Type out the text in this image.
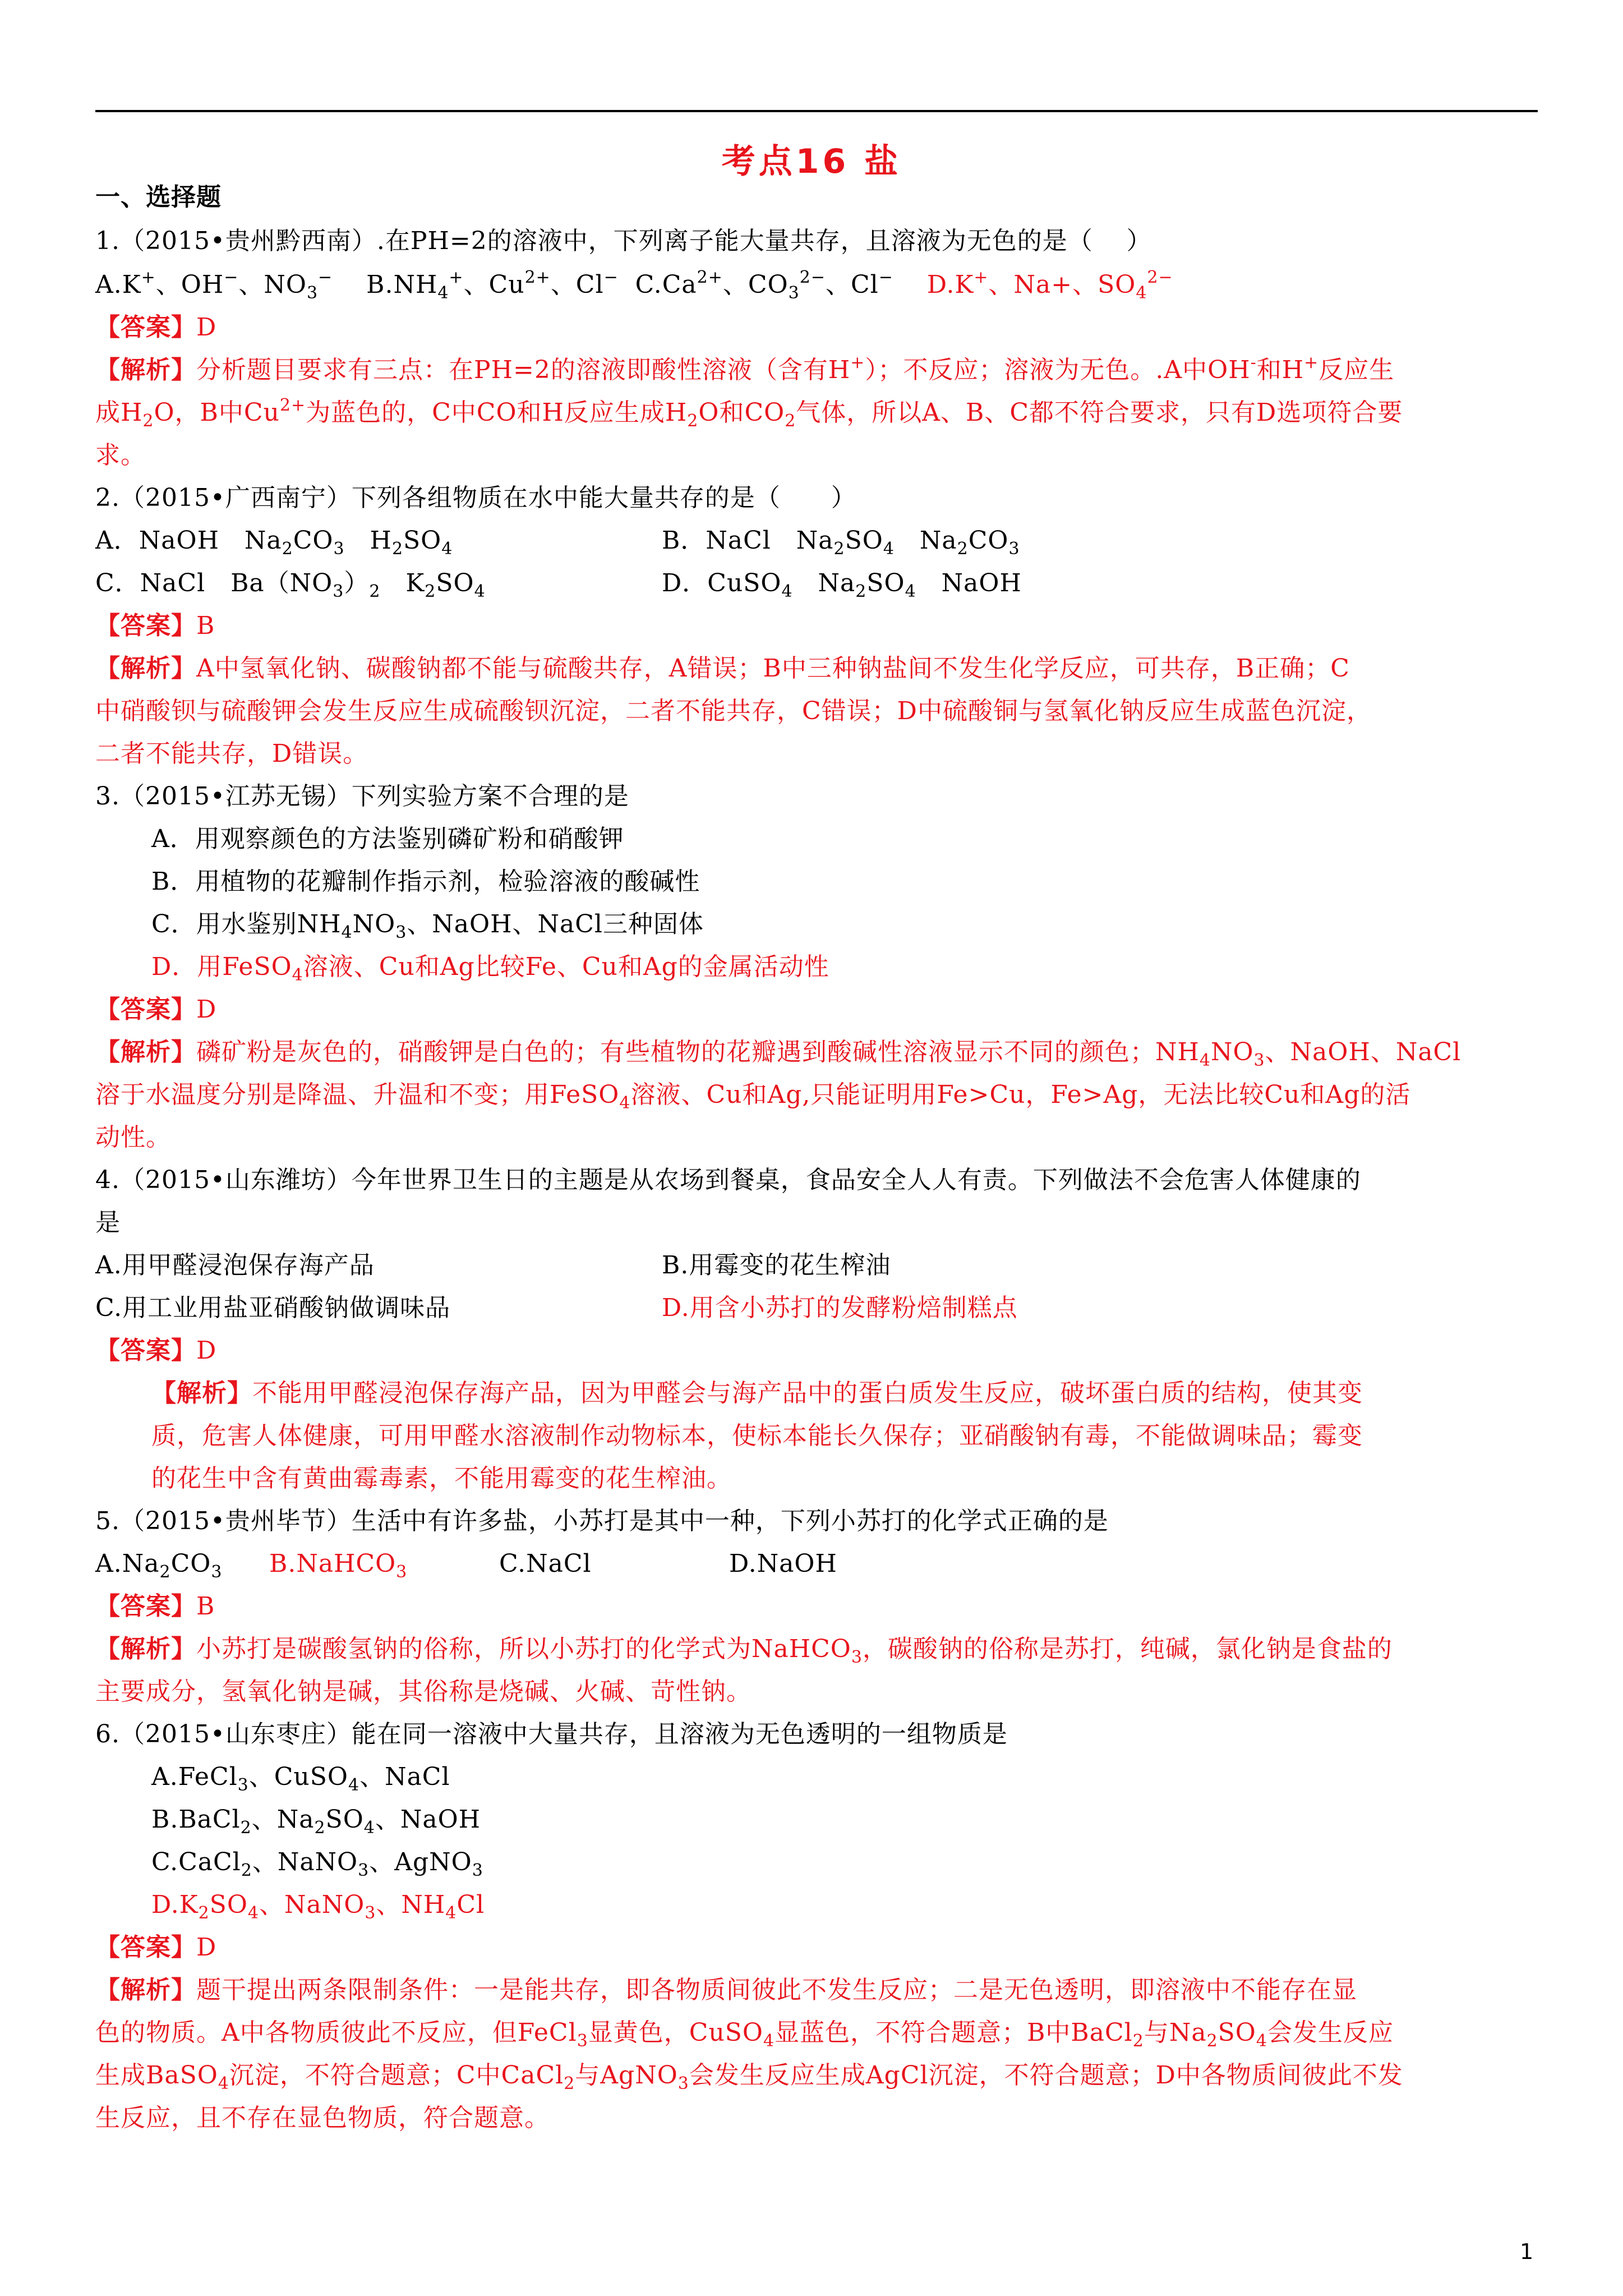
考点16 盐
一、选择题
1.（2015•贵州黔西南）.在PH=2的溶液中，下列离子能大量共存，且溶液为无色的是（    ）
A.K+、OH−、$NO_3^-$    $B.NH_4^+$、$Cu^{2+}$、Cl−  $C.Ca^{2+}$、$CO_3^{2-}$、Cl−    D.K+、Na+、$SO_4^{2-}$
【答案】D
【解析】分析题目要求有三点：在PH=2的溶液即酸性溶液（含有H+）；不反应；溶液为无色。.A中OH-和H+反应生
成$H_2O$，B中$Cu^{2+}$为蓝色的，C中CO和H反应生成$H_2O$和$CO_2$气体，所以A、B、C都不符合要求，只有D选项符合要
求。
2.（2015•广西南宁）下列各组物质在水中能大量共存的是（      ）
A．NaOH   $Na_2CO_3$   $H_2SO_4$	B．NaCl   $Na_2SO_4$   $Na_2CO_3$
C．NaCl   $Ba(NO_3)_2$   $K_2SO_4$	D．CuSO$_4$   $Na_2SO_4$   NaOH
【答案】B
【解析】A中氢氧化钠、碳酸钠都不能与硫酸共存，A错误；B中三种钠盐间不发生化学反应，可共存，B正确；C
中硝酸钡与硫酸钾会发生反应生成硫酸钡沉淀，二者不能共存，C错误；D中硫酸铜与氢氧化钠反应生成蓝色沉淀，
二者不能共存，D错误。
3.（2015•江苏无锡）下列实验方案不合理的是
A．用观察颜色的方法鉴别磷矿粉和硝酸钾
B．用植物的花瓣制作指示剂，检验溶液的酸碱性
C．用水鉴别$NH_4NO_3$、NaOH、NaCl三种固体
D．用FeSO$_4$溶液、Cu和Ag比较Fe、Cu和Ag的金属活动性
【答案】D
【解析】磷矿粉是灰色的，硝酸钾是白色的；有些植物的花瓣遇到酸碱性溶液显示不同的颜色；$NH_4NO_3$、NaOH、NaCl
溶于水温度分别是降温、升温和不变；用FeSO$_4$溶液、Cu和Ag,只能证明用Fe>Cu，Fe>Ag，无法比较Cu和Ag的活
动性。
4.（2015•山东潍坊）今年世界卫生日的主题是从农场到餐桌，食品安全人人有责。下列做法不会危害人体健康的
是
A.用甲醛浸泡保存海产品	B.用霉变的花生榨油
C.用工业用盐亚硝酸钠做调味品	D.用含小苏打的发酵粉焙制糕点
【答案】D
【解析】不能用甲醛浸泡保存海产品，因为甲醛会与海产品中的蛋白质发生反应，破坏蛋白质的结构，使其变
质，危害人体健康，可用甲醛水溶液制作动物标本，使标本能长久保存；亚硝酸钠有毒，不能做调味品；霉变
的花生中含有黄曲霉毒素，不能用霉变的花生榨油。
5.（2015•贵州毕节）生活中有许多盐，小苏打是其中一种，下列小苏打的化学式正确的是
$A.Na_2CO_3$ B.NaHCO$_3$	C.NaCl	D.NaOH
【答案】B
【解析】小苏打是碳酸氢钠的俗称，所以小苏打的化学式为NaHCO$_3$，碳酸钠的俗称是苏打，纯碱，氯化钠是食盐的
主要成分，氢氧化钠是碱，其俗称是烧碱、火碱、苛性钠。
6.（2015•山东枣庄）能在同一溶液中大量共存，且溶液为无色透明的一组物质是
A.FeCl$_3$、CuSO$_4$、NaCl
B.BaCl$_2$、$Na_2SO_4$、NaOH
C.CaCl$_2$、NaNO$_3$、AgNO$_3$
$D.K_2SO_4$、NaNO$_3$、$NH_4Cl$
【答案】D
【解析】题干提出两条限制条件：一是能共存，即各物质间彼此不发生反应；二是无色透明，即溶液中不能存在显
色的物质。A中各物质彼此不反应，但FeCl$_3$显黄色，CuSO$_4$显蓝色，不符合题意；B中BaCl$_2$与$Na_2SO_4$会发生反应
生成BaSO$_4$沉淀，不符合题意；C中CaCl$_2$与AgNO$_3$会发生反应生成AgCl沉淀，不符合题意；D中各物质间彼此不发
生反应，且不存在显色物质，符合题意。
1
